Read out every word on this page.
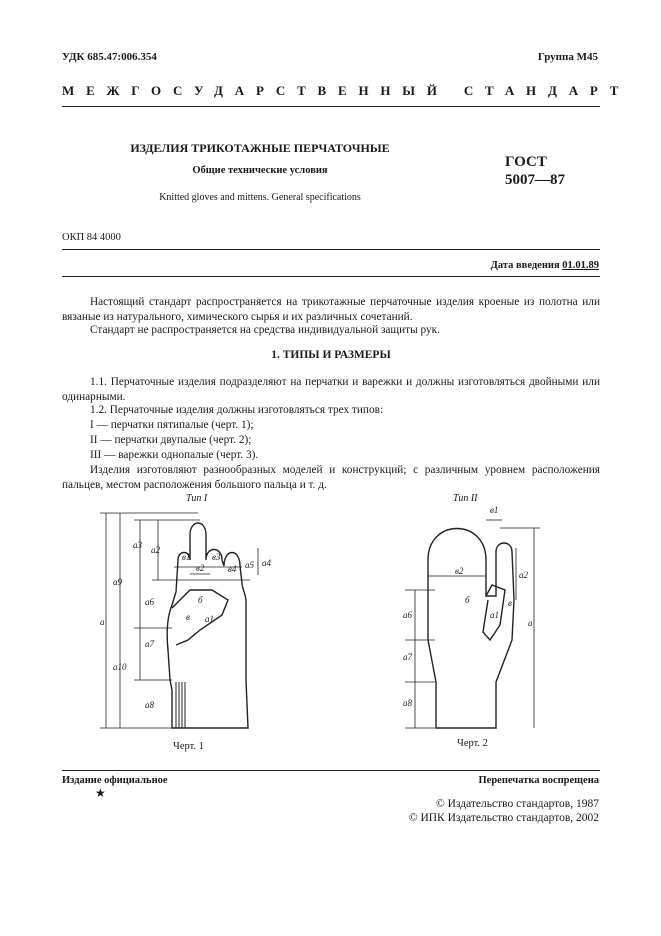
УДК 685.47:006.354	Группа М45
МЕЖГОСУДАРСТВЕННЫЙ СТАНДАРТ
ИЗДЕЛИЯ ТРИКОТАЖНЫЕ ПЕРЧАТОЧНЫЕ
Общие технические условия
Knitted gloves and mittens. General specifications
ГОСТ
5007—87
ОКП 84 4000
Дата введения 01.01.89
Настоящий стандарт распространяется на трикотажные перчаточные изделия кроеные из полотна или вязаные из натурального, химического сырья и их различных сочетаний.
Стандарт не распространяется на средства индивидуальной защиты рук.
1. ТИПЫ И РАЗМЕРЫ
1.1. Перчаточные изделия подразделяют на перчатки и варежки и должны изготовляться двойными или одинарными.
1.2. Перчаточные изделия должны изготовляться трех типов:
I — перчатки пятипалые (черт. 1);
II — перчатки двупалые (черт. 2);
III — варежки однопалые (черт. 3).
Изделия изготовляют разнообразных моделей и конструкций; с различным уровнем расположения пальцев, местом расположения большого пальца и т. д.
a
a9
a3 a2
a6
a7
a10
a8
a4
a5
в1
в2
в3
в4
в
б
а1
Тип I
Черт. 1
в1
в2	a2
б	в
a1
a6
a
a7
a8
Тип II
Черт. 2
Издание официальное	Перепечатка воспрещена
★
© Издательство стандартов, 1987
© ИПК Издательство стандартов, 2002
